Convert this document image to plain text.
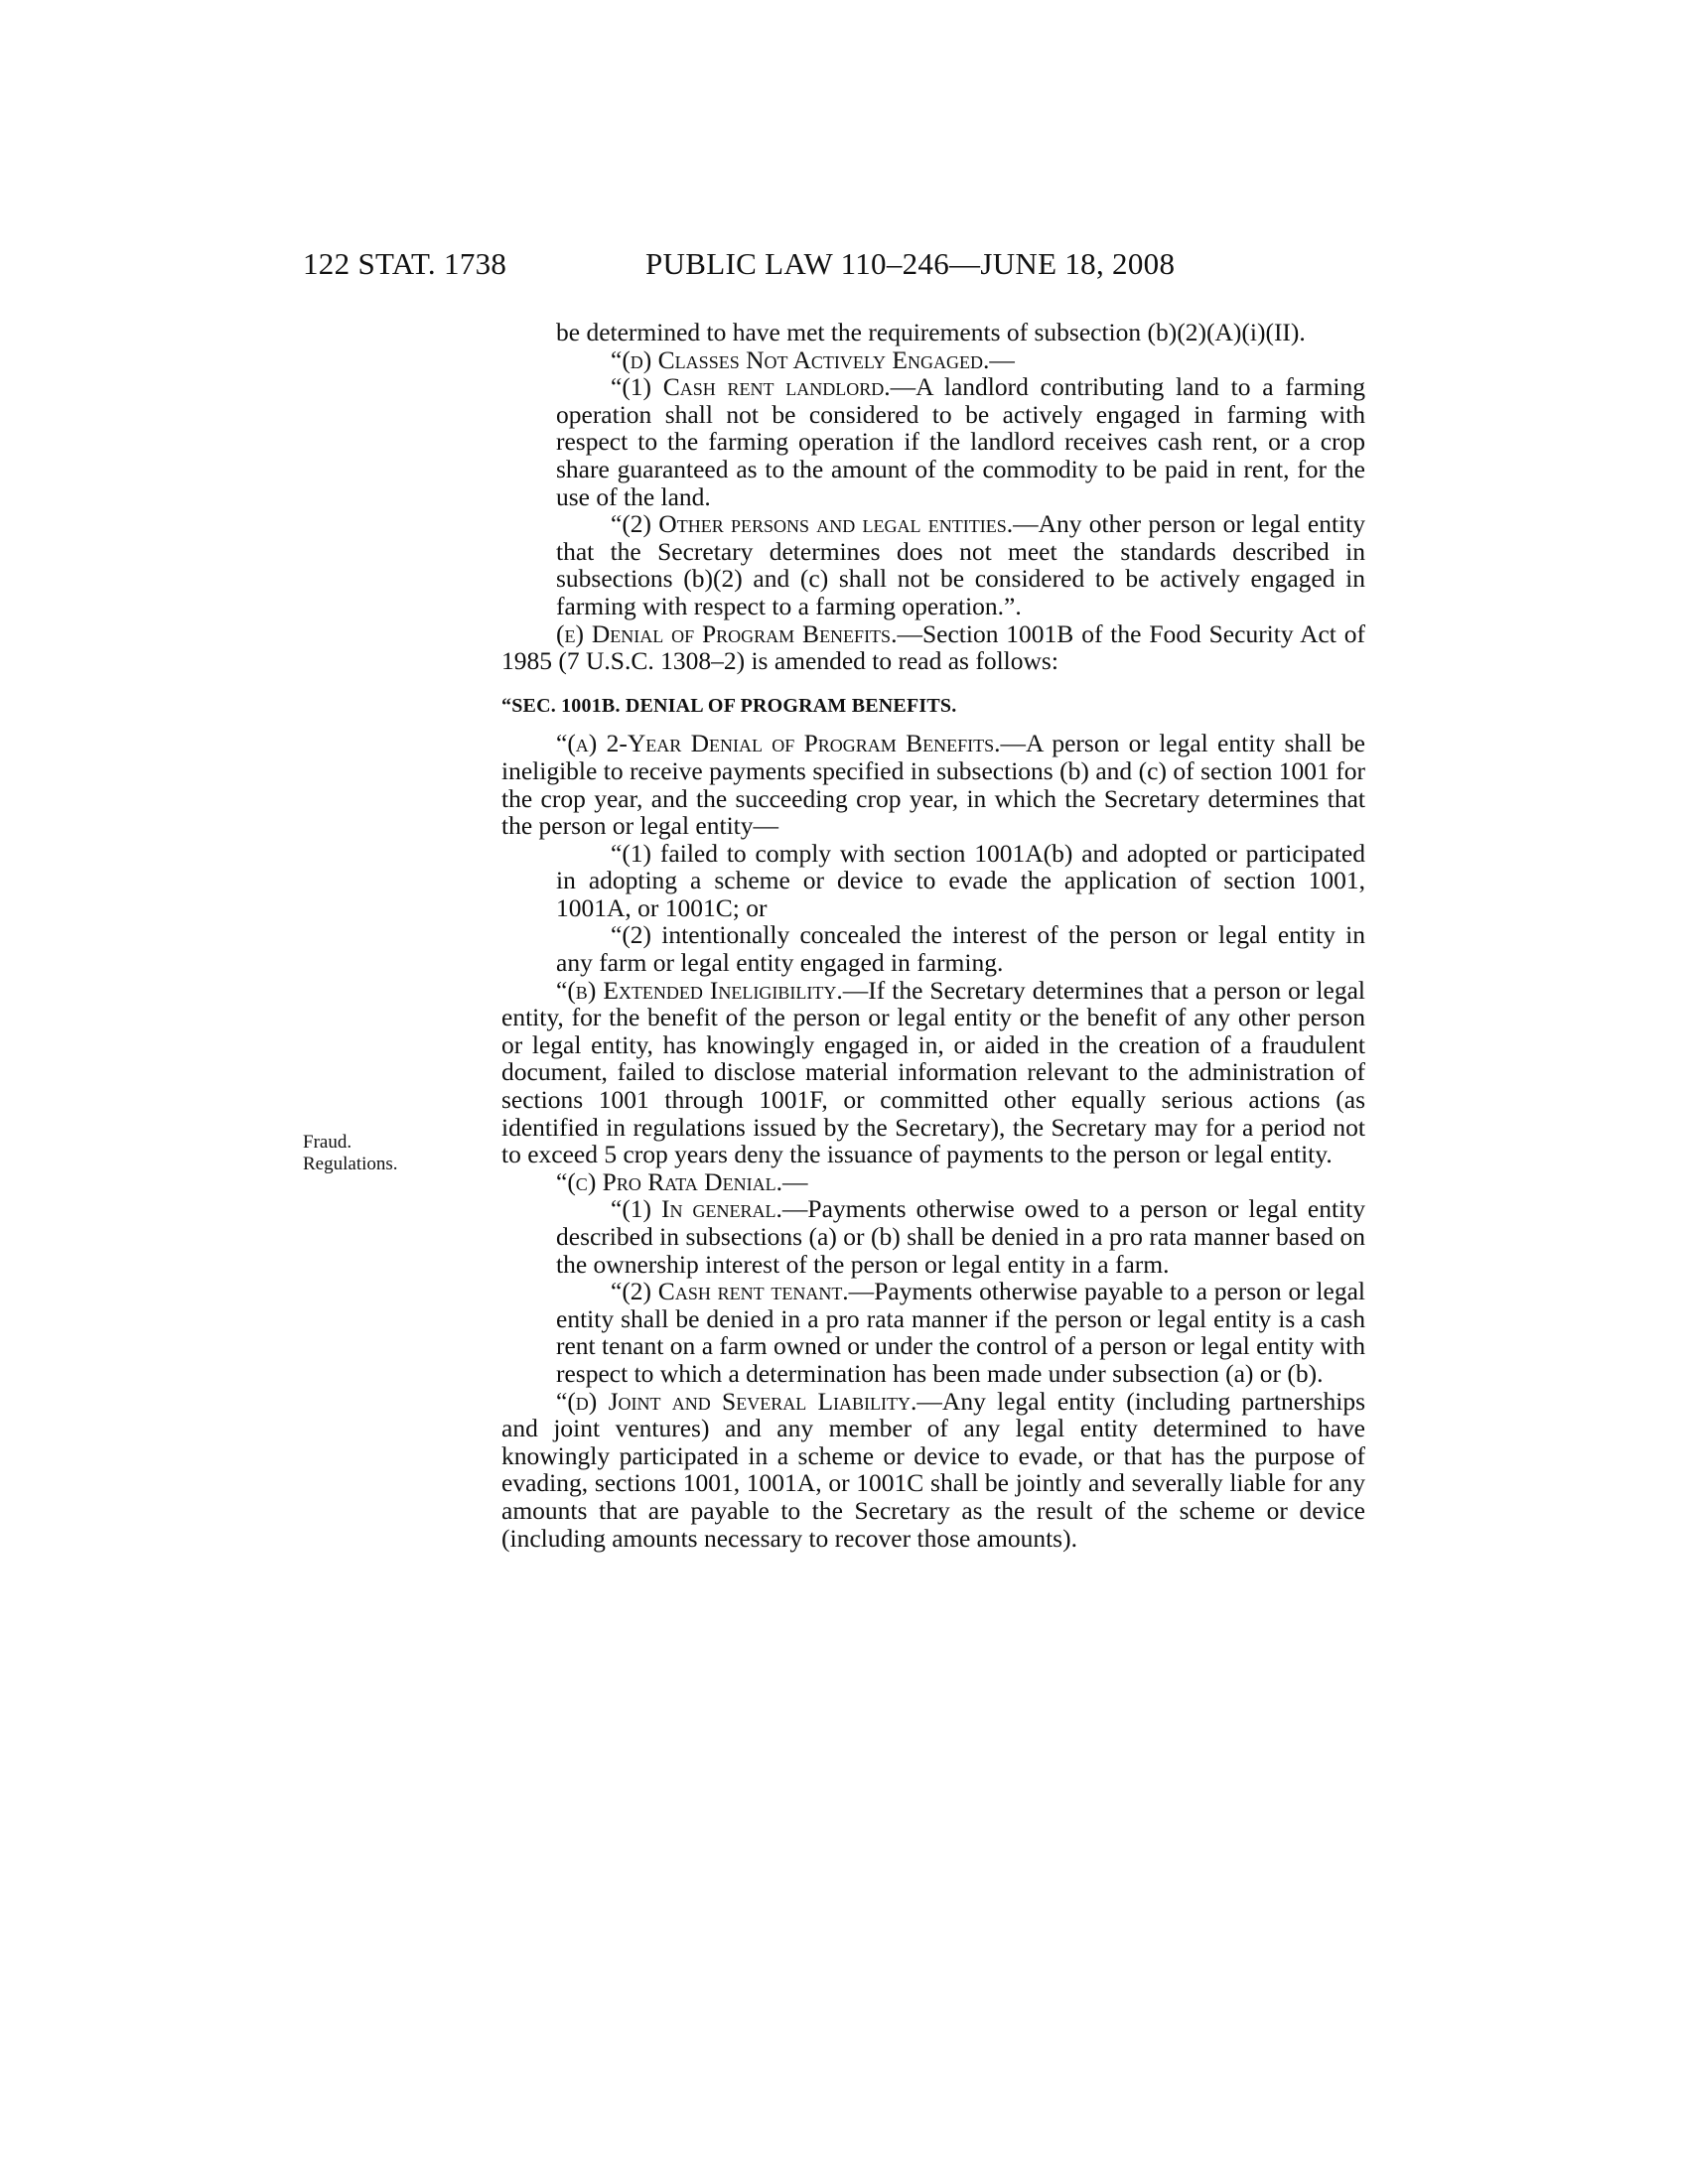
122 STAT. 1738	PUBLIC LAW 110–246—JUNE 18, 2008
Fraud.
Regulations.

be determined to have met the requirements of subsection (b)(2)(A)(i)(II).

“(d) Classes Not Actively Engaged.—

“(1) Cash rent landlord.—A landlord contributing land to a farming operation shall not be considered to be actively engaged in farming with respect to the farming operation if the landlord receives cash rent, or a crop share guaranteed as to the amount of the commodity to be paid in rent, for the use of the land.

“(2) Other persons and legal entities.—Any other person or legal entity that the Secretary determines does not meet the standards described in subsections (b)(2) and (c) shall not be considered to be actively engaged in farming with respect to a farming operation.”.

(e) Denial of Program Benefits.—Section 1001B of the Food Security Act of 1985 (7 U.S.C. 1308–2) is amended to read as follows:

“SEC. 1001B. DENIAL OF PROGRAM BENEFITS.

“(a) 2-Year Denial of Program Benefits.—A person or legal entity shall be ineligible to receive payments specified in subsections (b) and (c) of section 1001 for the crop year, and the succeeding crop year, in which the Secretary determines that the person or legal entity—

“(1) failed to comply with section 1001A(b) and adopted or participated in adopting a scheme or device to evade the application of section 1001, 1001A, or 1001C; or

“(2) intentionally concealed the interest of the person or legal entity in any farm or legal entity engaged in farming.

“(b) Extended Ineligibility.—If the Secretary determines that a person or legal entity, for the benefit of the person or legal entity or the benefit of any other person or legal entity, has knowingly engaged in, or aided in the creation of a fraudulent document, failed to disclose material information relevant to the administration of sections 1001 through 1001F, or committed other equally serious actions (as identified in regulations issued by the Secretary), the Secretary may for a period not to exceed 5 crop years deny the issuance of payments to the person or legal entity.

“(c) Pro Rata Denial.—

“(1) In general.—Payments otherwise owed to a person or legal entity described in subsections (a) or (b) shall be denied in a pro rata manner based on the ownership interest of the person or legal entity in a farm.

“(2) Cash rent tenant.—Payments otherwise payable to a person or legal entity shall be denied in a pro rata manner if the person or legal entity is a cash rent tenant on a farm owned or under the control of a person or legal entity with respect to which a determination has been made under subsection (a) or (b).

“(d) Joint and Several Liability.—Any legal entity (including partnerships and joint ventures) and any member of any legal entity determined to have knowingly participated in a scheme or device to evade, or that has the purpose of evading, sections 1001, 1001A, or 1001C shall be jointly and severally liable for any amounts that are payable to the Secretary as the result of the scheme or device (including amounts necessary to recover those amounts).
